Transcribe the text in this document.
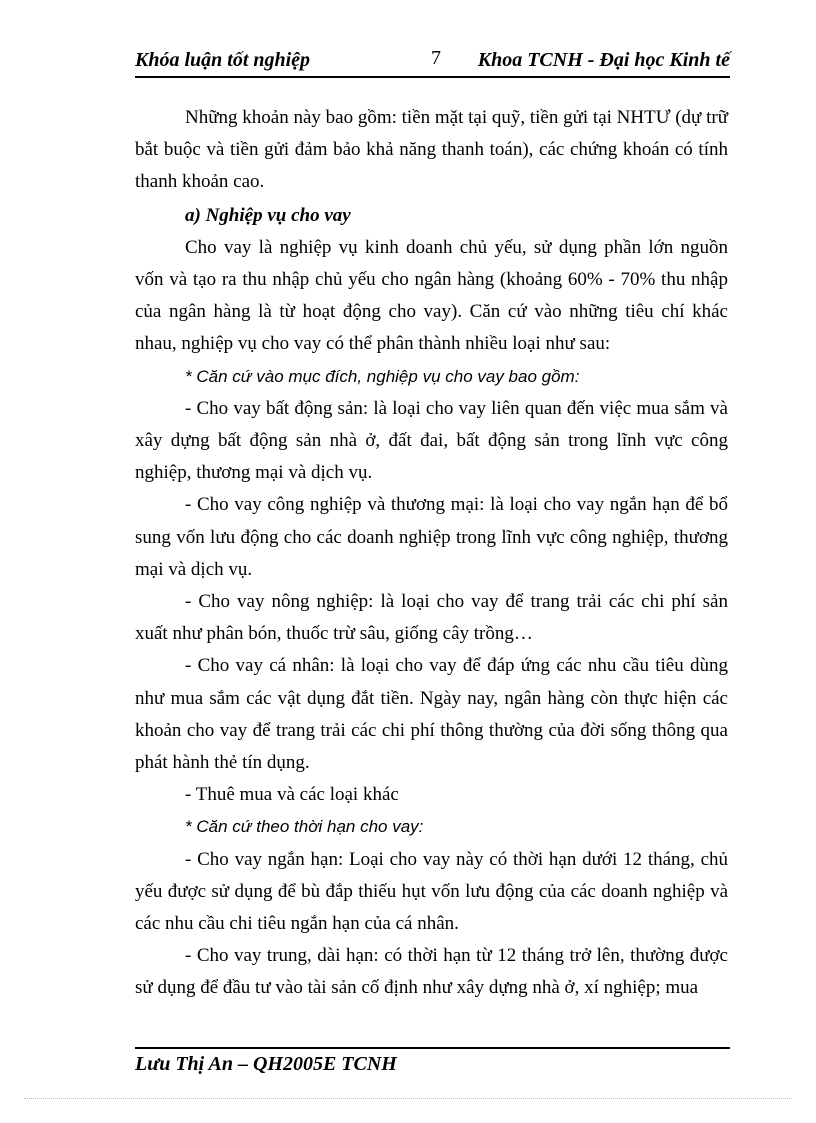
Khóa luận tốt nghiệp	7 Khoa TCNH - Đại học Kinh tế

Những khoản này bao gồm: tiền mặt tại quỹ, tiền gửi tại NHTƯ (dự trữ bắt buộc và tiền gửi đảm bảo khả năng thanh toán), các chứng khoán có tính thanh khoản cao.

a) Nghiệp vụ cho vay

Cho vay là nghiệp vụ kinh doanh chủ yếu, sử dụng phần lớn nguồn vốn và tạo ra thu nhập chủ yếu cho ngân hàng (khoảng 60% - 70% thu nhập của ngân hàng là từ hoạt động cho vay). Căn cứ vào những tiêu chí khác nhau, nghiệp vụ cho vay có thể phân thành nhiều loại như sau:

* Căn cứ vào mục đích, nghiệp vụ cho vay bao gồm:

- Cho vay bất động sản: là loại cho vay liên quan đến việc mua sắm và xây dựng bất động sản nhà ở, đất đai, bất động sản trong lĩnh vực công nghiệp, thương mại và dịch vụ.

- Cho vay công nghiệp và thương mại: là loại cho vay ngắn hạn để bổ sung vốn lưu động cho các doanh nghiệp trong lĩnh vực công nghiệp, thương mại và dịch vụ.

- Cho vay nông nghiệp: là loại cho vay để trang trải các chi phí sản xuất như phân bón, thuốc trừ sâu, giống cây trồng…

- Cho vay cá nhân: là loại cho vay để đáp ứng các nhu cầu tiêu dùng như mua sắm các vật dụng đắt tiền. Ngày nay, ngân hàng còn thực hiện các khoản cho vay để trang trải các chi phí thông thường của đời sống thông qua phát hành thẻ tín dụng.

- Thuê mua và các loại khác

* Căn cứ theo thời hạn cho vay:

- Cho vay ngắn hạn: Loại cho vay này có thời hạn dưới 12 tháng, chủ yếu được sử dụng để bù đắp thiếu hụt vốn lưu động của các doanh nghiệp và các nhu cầu chi tiêu ngắn hạn của cá nhân.

- Cho vay trung, dài hạn: có thời hạn từ 12 tháng trở lên, thường được sử dụng để đầu tư vào tài sản cố định như xây dựng nhà ở, xí nghiệp; mua

Lưu Thị An – QH2005E TCNH
